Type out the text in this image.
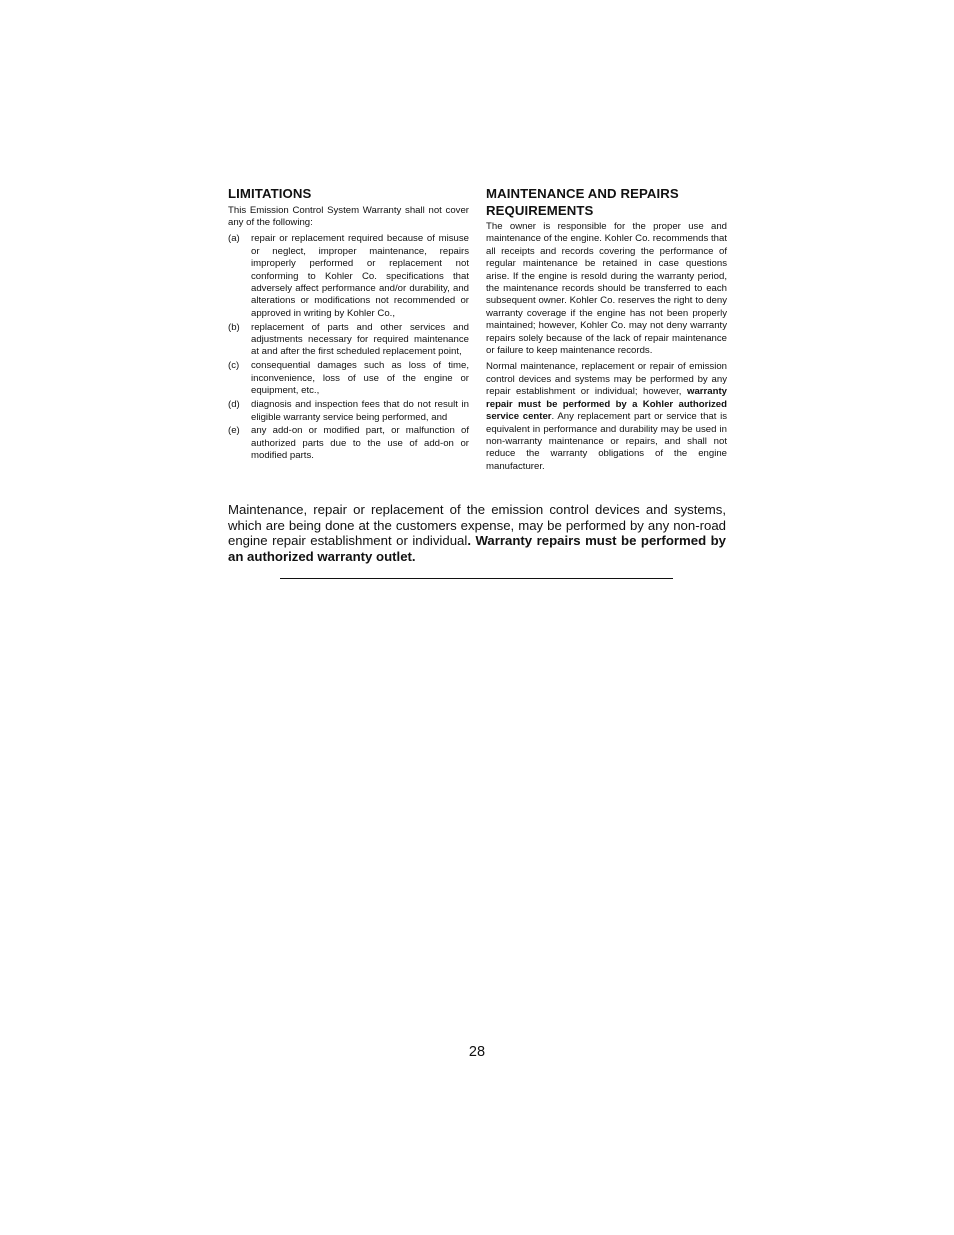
LIMITATIONS

This Emission Control System Warranty shall not cover any of the following:

(a)	repair or replacement required because of misuse or neglect, improper maintenance, repairs improperly performed or replacement not conforming to Kohler Co. specifications that adversely affect performance and/or durability, and alterations or modifications not recommended or approved in writing by Kohler Co.,
(b)	replacement of parts and other services and adjustments necessary for required maintenance at and after the first scheduled replacement point,
(c)	consequential damages such as loss of time, inconvenience, loss of use of the engine or equipment, etc.,
(d)	diagnosis and inspection fees that do not result in eligible warranty service being performed, and
(e)	any add-on or modified part, or malfunction of authorized parts due to the use of add-on or modified parts.
MAINTENANCE AND REPAIRS REQUIREMENTS

The owner is responsible for the proper use and maintenance of the engine. Kohler Co. recommends that all receipts and records covering the performance of regular maintenance be retained in case questions arise. If the engine is resold during the warranty period, the maintenance records should be transferred to each subsequent owner. Kohler Co. reserves the right to deny warranty coverage if the engine has not been properly maintained; however, Kohler Co. may not deny warranty repairs solely because of the lack of repair maintenance or failure to keep maintenance records.

Normal maintenance, replacement or repair of emission control devices and systems may be performed by any repair establishment or individual; however, warranty repair must be performed by a Kohler authorized service center. Any replacement part or service that is equivalent in performance and durability may be used in non-warranty maintenance or repairs, and shall not reduce the warranty obligations of the engine manufacturer.

Maintenance, repair or replacement of the emission control devices and systems, which are being done at the customers expense, may be performed by any non-road engine repair establishment or individual. Warranty repairs must be performed by an authorized warranty outlet.

28
